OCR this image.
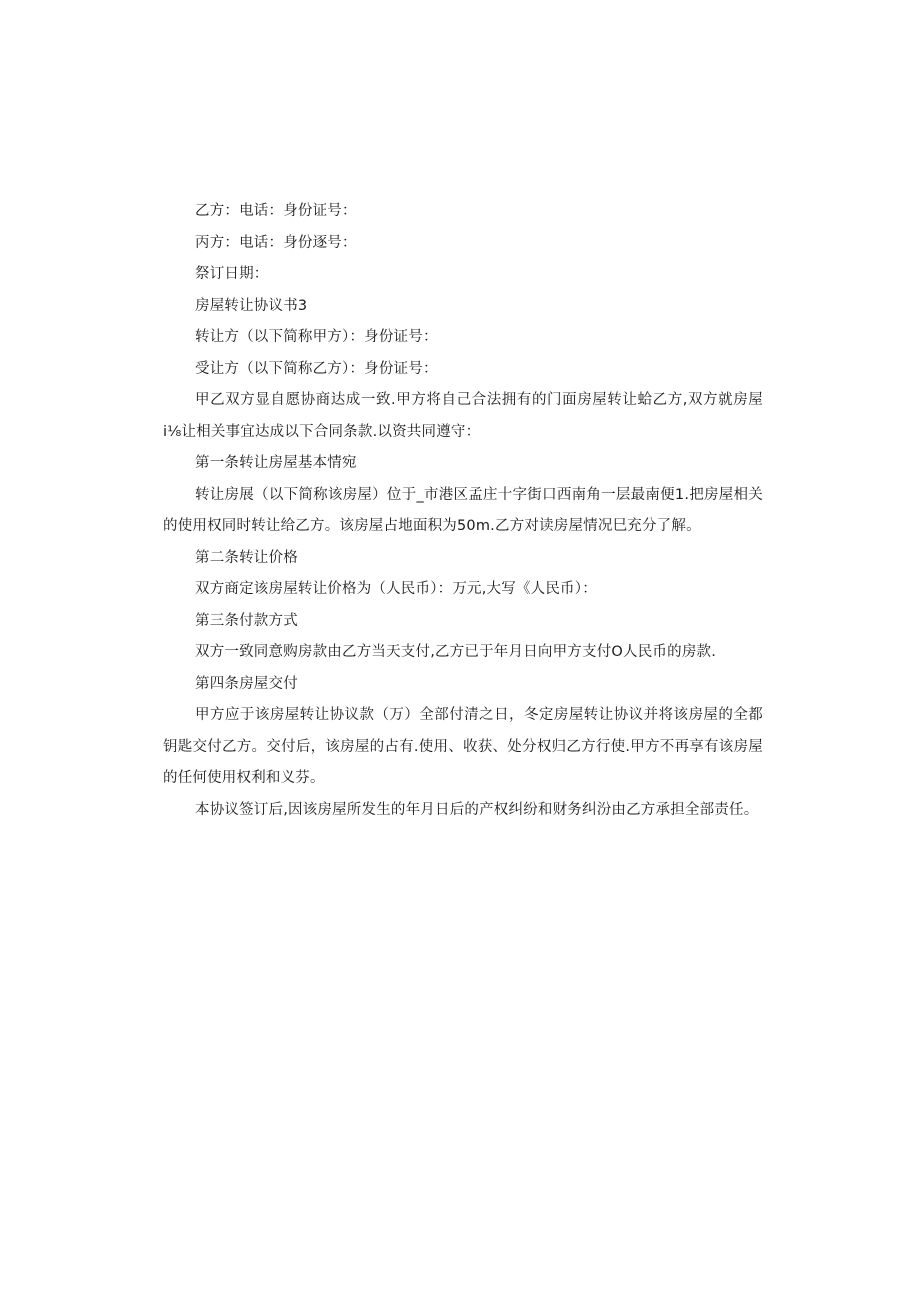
乙方：电话：身份证号：
丙方：电话：身份逐号：
祭订日期：
房屋转让协议书3
转让方（以下简称甲方）：身份证号：
受让方（以下简称乙方）：身份证号：

甲乙双方显自愿协商达成一致.甲方将自己合法拥有的门面房屋转让蛤乙方,双方就房屋i⅛让相关事宜达成以下合同条款.以资共同遵守：

第一条转让房屋基本情宛

转让房展（以下简称该房屋）位于_市港区孟庄十字街口西南角一层最南便1.把房屋相关的使用权同时转让给乙方。该房屋占地面积为50m.乙方对读房屋情况巳充分了解。

第二条转让价格
双方商定该房屋转让价格为（人民币）：万元,大写《人民币）：
第三条付款方式
双方一致同意购房款由乙方当天支付,乙方已于年月日向甲方支付O人民币的房款.
第四条房屋交付

甲方应于该房屋转让协议款（万）全部付清之日，冬定房屋转让协议并将该房屋的全都钥匙交付乙方。交付后，该房屋的占有.使用、收获、处分权归乙方行使.甲方不再享有该房屋的任何使用权利和义芬。

本协议签订后,因该房屋所发生的年月日后的产权纠纷和财务纠汾由乙方承担全部责任。
